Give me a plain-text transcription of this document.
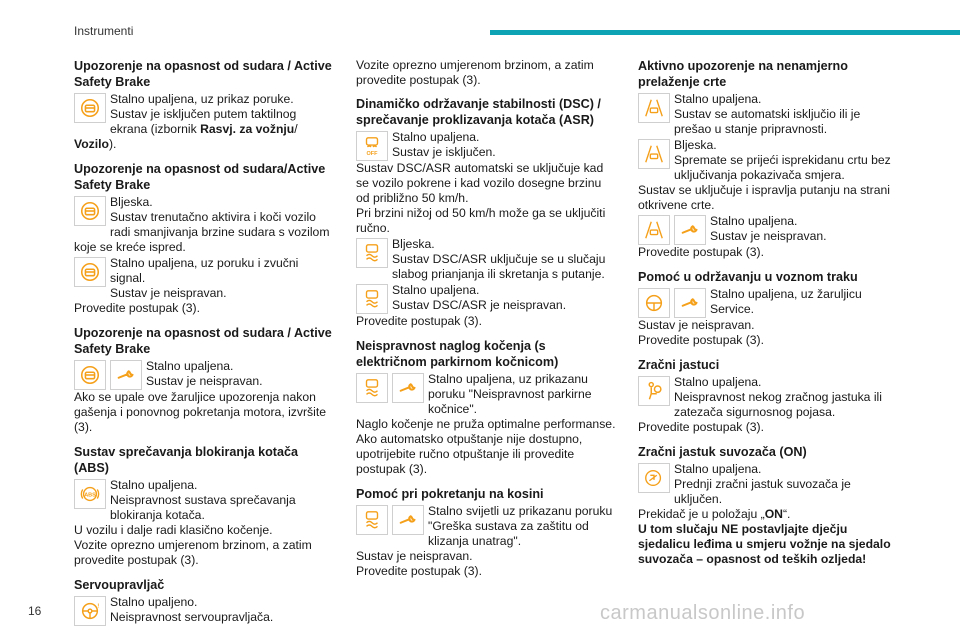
Instrumenti
Upozorenje na opasnost od sudara / Active Safety Brake
Stalno upaljena, uz prikaz poruke.
Sustav je isključen putem taktilnog ekrana (izbornik Rasvj. za vožnju/ Vozilo).
Upozorenje na opasnost od sudara/Active Safety Brake
Bljeska.
Sustav trenutačno aktivira i koči vozilo radi smanjivanja brzine sudara s vozilom koje se kreće ispred.
Stalno upaljena, uz poruku i zvučni signal.
Sustav je neispravan.
Provedite postupak (3).
Upozorenje na opasnost od sudara / Active Safety Brake
Stalno upaljena.
Sustav je neispravan.
Ako se upale ove žaruljice upozorenja nakon gašenja i ponovnog pokretanja motora, izvršite (3).
Sustav sprečavanja blokiranja kotača (ABS)
ABS
Stalno upaljena.
Neispravnost sustava sprečavanja blokiranja kotača.
U vozilu i dalje radi klasično kočenje.
Vozite oprezno umjerenom brzinom, a zatim provedite postupak (3).
Servoupravljač
! Stalno upaljeno.
Neispravnost servoupravljača.
Vozite oprezno umjerenom brzinom, a zatim provedite postupak (3).
Dinamičko održavanje stabilnosti (DSC) / sprečavanje proklizavanja kotača (ASR)
OFF
Stalno upaljena.
Sustav je isključen.
Sustav DSC/ASR automatski se uključuje kad se vozilo pokrene i kad vozilo dosegne brzinu od približno 50 km/h.
Pri brzini nižoj od 50 km/h može ga se uključiti ručno.
Bljeska.
Sustav DSC/ASR uključuje se u slučaju slabog prianjanja ili skretanja s putanje.
Stalno upaljena.
Sustav DSC/ASR je neispravan.
Provedite postupak (3).
Neispravnost naglog kočenja (s električnom parkirnom kočnicom)
Stalno upaljena, uz prikazanu poruku "Neispravnost parkirne kočnice".
Naglo kočenje ne pruža optimalne performanse.
Ako automatsko otpuštanje nije dostupno, upotrijebite ručno otpuštanje ili provedite postupak (3).
Pomoć pri pokretanju na kosini
Stalno svijetli uz prikazanu poruku "Greška sustava za zaštitu od klizanja unatrag".
Sustav je neispravan.
Provedite postupak (3).
Aktivno upozorenje na nenamjerno prelaženje crte
Stalno upaljena.
Sustav se automatski isključio ili je prešao u stanje pripravnosti.
Bljeska.
Spremate se prijeći isprekidanu crtu bez uključivanja pokazivača smjera.
Sustav se uključuje i ispravlja putanju na strani otkrivene crte.
Stalno upaljena.
Sustav je neispravan.
Provedite postupak (3).
Pomoć u održavanju u voznom traku
Stalno upaljena, uz žaruljicu Service.
Sustav je neispravan.
Provedite postupak (3).
Zračni jastuci
Stalno upaljena.
Neispravnost nekog zračnog jastuka ili zatezača sigurnosnog pojasa.
Provedite postupak (3).
Zračni jastuk suvozača (ON)
Stalno upaljena.
Prednji zračni jastuk suvozača je uključen.
Prekidač je u položaju „ON“.
U tom slučaju NE postavljajte dječju sjedalicu leđima u smjeru vožnje na sjedalo suvozača – opasnost od teških ozljeda!
16	carmanualsonline.info
